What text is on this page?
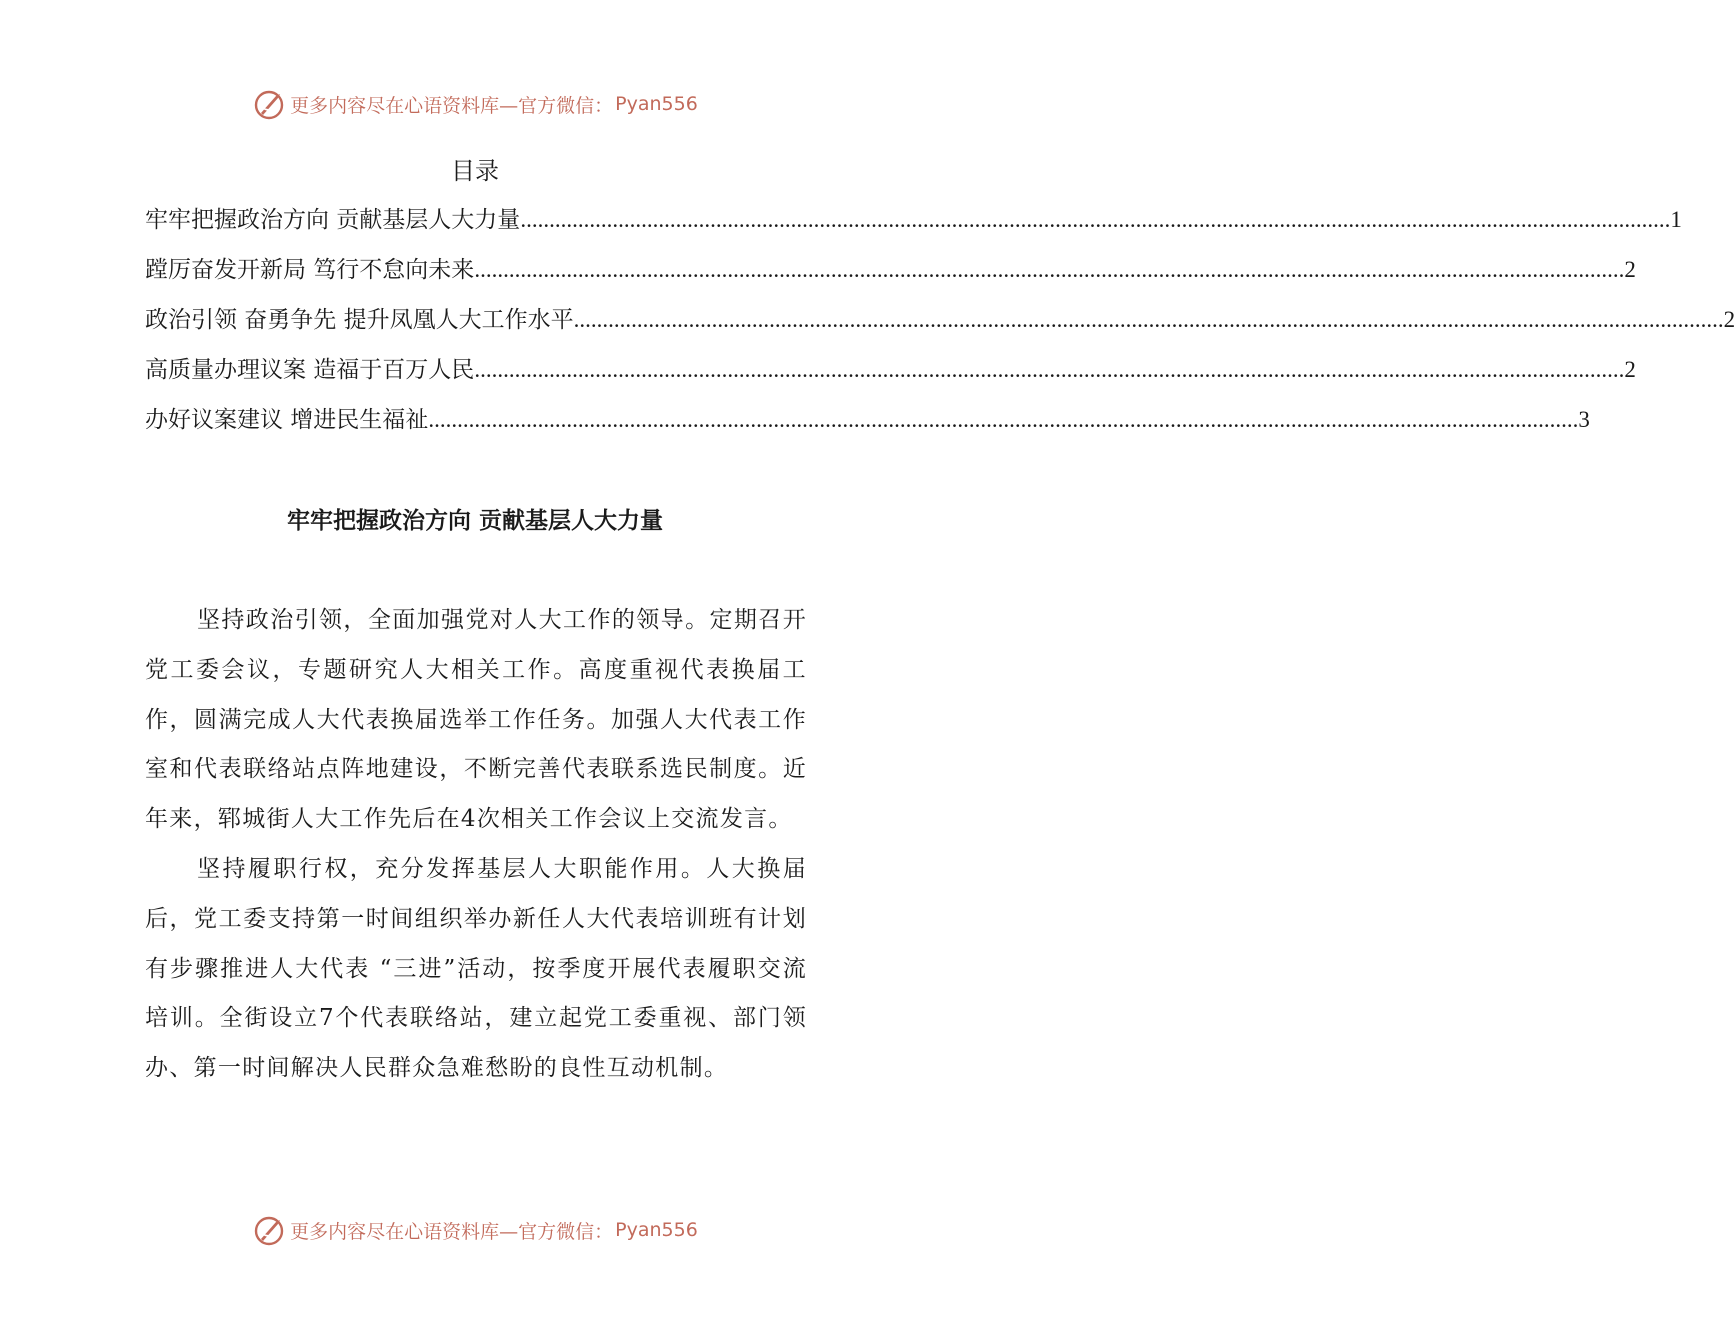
更多内容尽在心语资料库—官方微信： Pyan556
目录
牢牢把握政治方向 贡献基层人大力量 ........................................................................................................................................................................................................ 1
蹚厉奋发开新局 笃行不怠向未来 ........................................................................................................................................................................................................ 2
政治引领 奋勇争先 提升凤凰人大工作水平 ........................................................................................................................................................................................................ 2
高质量办理议案 造福于百万人民 ........................................................................................................................................................................................................ 2
办好议案建议 增进民生福祉 ........................................................................................................................................................................................................ 3
牢牢把握政治方向 贡献基层人大力量

坚持政治引领，全面加强党对人大工作的领导。定期召开党工委会议，专题研究人大相关工作。高度重视代表换届工作，圆满完成人大代表换届选举工作任务。加强人大代表工作室和代表联络站点阵地建设，不断完善代表联系选民制度。近年来，郓城街人大工作先后在4次相关工作会议上交流发言。

坚持履职行权，充分发挥基层人大职能作用。人大换届后，党工委支持第一时间组织举办新任人大代表培训班有计划有步骤推进人大代表 “三进”活动，按季度开展代表履职交流培训。全街设立7个代表联络站，建立起党工委重视、部门领办、第一时间解决人民群众急难愁盼的良性互动机制。

更多内容尽在心语资料库—官方微信： Pyan556
